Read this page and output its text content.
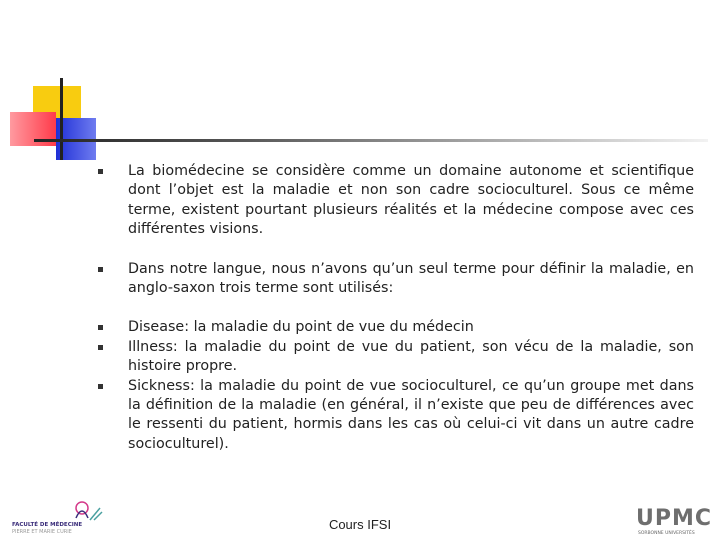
La biomédecine se considère comme un domaine autonome et scientifique dont l’objet est la maladie et non son cadre socioculturel. Sous ce même terme, existent pourtant plusieurs réalités et la médecine compose avec ces différentes visions.
Dans notre langue, nous n’avons qu’un seul terme pour définir la maladie, en anglo-saxon trois terme sont utilisés:
Disease: la maladie du point de vue du médecin
Illness: la maladie du point de vue du patient, son vécu de la maladie, son histoire propre.
Sickness: la maladie du point de vue socioculturel, ce qu’un groupe met dans la définition de la maladie (en général, il n’existe que peu de différences avec le ressenti du patient, hormis dans les cas où celui-ci vit dans un autre cadre socioculturel).
FACULTÉ DE MÉDECINE
PIERRE ET MARIE CURIE	Cours IFSI	UPMC
SORBONNE UNIVERSITÉS
